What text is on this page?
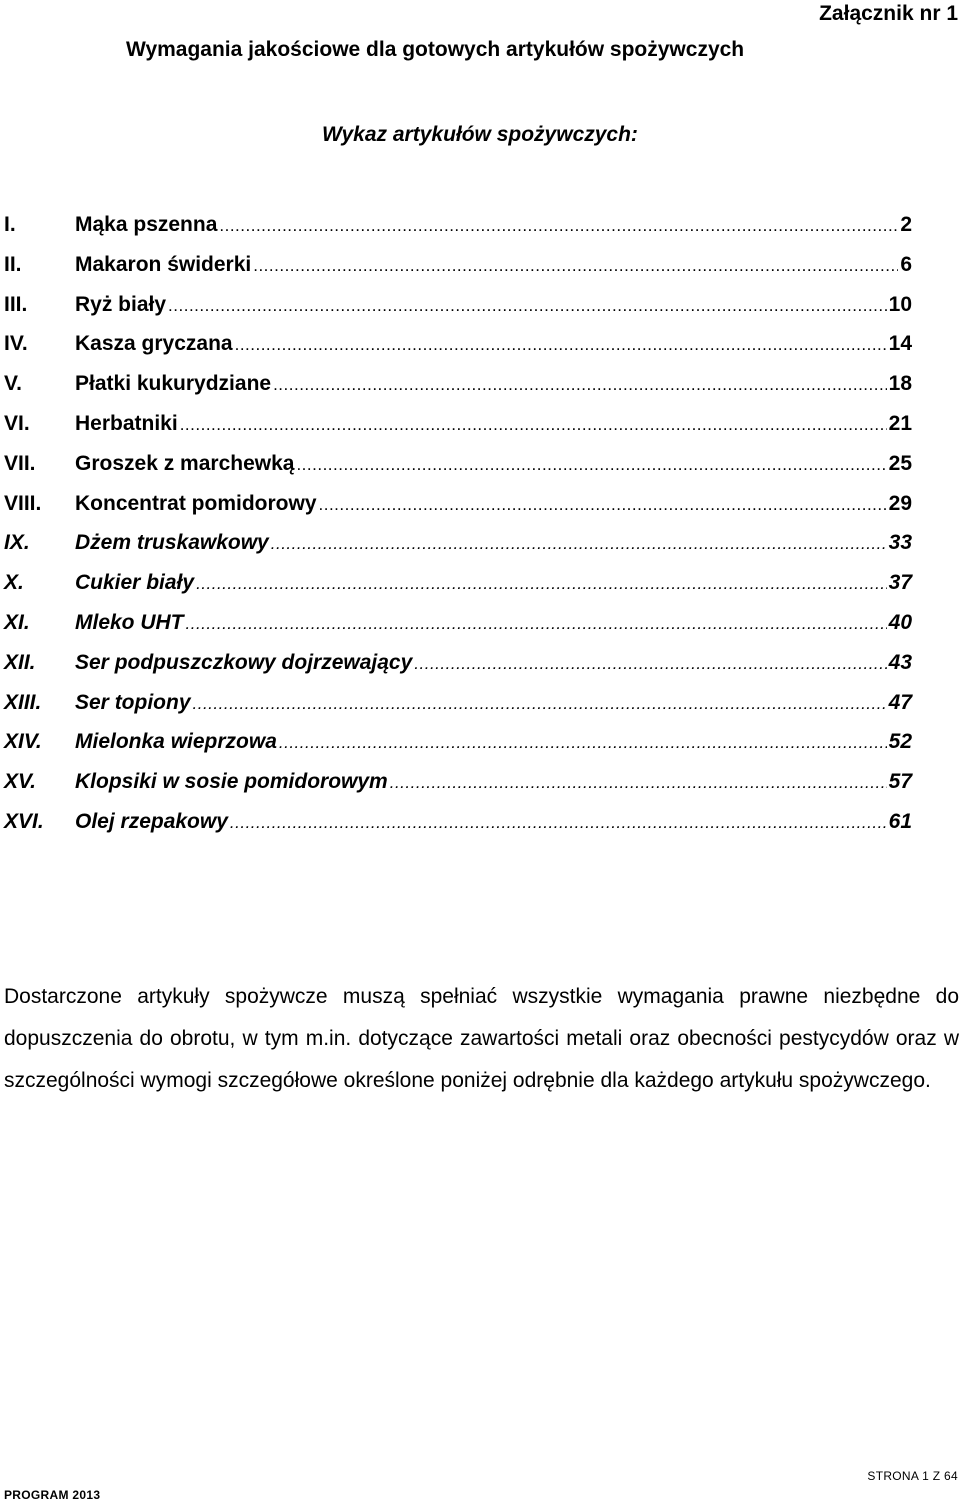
Załącznik nr 1
Wymagania jakościowe dla gotowych artykułów spożywczych
Wykaz artykułów spożywczych:
I.	Mąka pszenna .....	2
II.	Makaron świderki .....	6
III.	Ryż biały .....	10
IV.	Kasza gryczana .....	14
V.	Płatki kukurydziane .....	18
VI.	Herbatniki .....	21
VII.	Groszek z marchewką .....	25
VIII.	Koncentrat pomidorowy .....	29
IX.	Dżem truskawkowy .....	33
X.	Cukier biały .....	37
XI.	Mleko UHT .....	40
XII.	Ser podpuszczkowy dojrzewający .....	43
XIII.	Ser topiony .....	47
XIV.	Mielonka wieprzowa .....	52
XV.	Klopsiki w sosie pomidorowym .....	57
XVI.	Olej rzepakowy .....	61

Dostarczone artykuły spożywcze muszą spełniać wszystkie wymagania prawne niezbędne do dopuszczenia do obrotu, w tym m.in. dotyczące zawartości metali oraz obecności pestycydów oraz w szczególności wymogi szczegółowe określone poniżej odrębnie dla każdego artykułu spożywczego.

PROGRAM 2013
STRONA 1 Z 64
